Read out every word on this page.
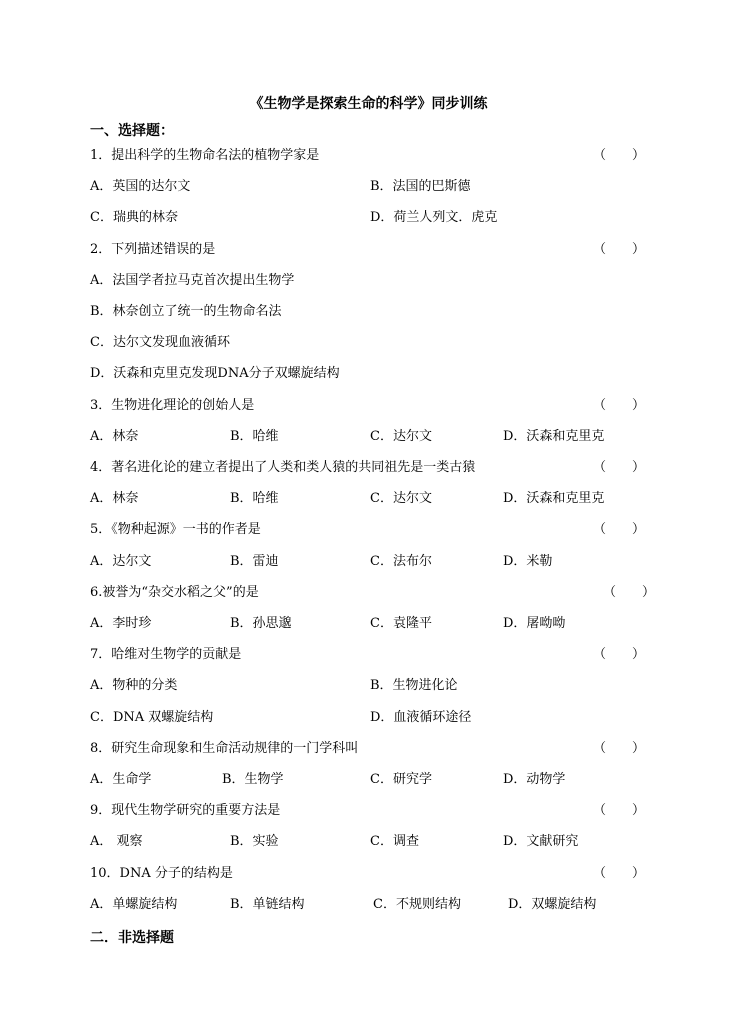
《生物学是探索生命的科学》同步训练
一、选择题：
1．提出科学的生物命名法的植物学家是	（　　）
A．英国的达尔文	B．法国的巴斯德
C．瑞典的林奈	D．荷兰人列文．虎克
2．下列描述错误的是	（　　）
A．法国学者拉马克首次提出生物学
B．林奈创立了统一的生物命名法
C．达尔文发现血液循环
D．沃森和克里克发现DNA分子双螺旋结构
3．生物进化理论的创始人是	（　　）
A．林奈	B．哈维	C．达尔文	D．沃森和克里克
4．著名进化论的建立者提出了人类和类人猿的共同祖先是一类古猿	（　　）
A．林奈	B．哈维	C．达尔文	D．沃森和克里克
5．《物种起源》一书的作者是	（　　）
A．达尔文	B．雷迪	C．法布尔	D．米勒
6.被誉为“杂交水稻之父”的是	（　　）
A．李时珍	B．孙思邈	C．袁隆平	D．屠呦呦
7．哈维对生物学的贡献是	（　　）
A．物种的分类	B．生物进化论
C．DNA 双螺旋结构	D．血液循环途径
8．研究生命现象和生命活动规律的一门学科叫	（　　）
A．生命学	B．生物学	C．研究学	D．动物学
9．现代生物学研究的重要方法是	（　　）
A． 观察	B．实验	C．调查	D．文献研究
10．DNA 分子的结构是	（　　）
A．单螺旋结构	B．单链结构	C．不规则结构	D．双螺旋结构
二．非选择题
